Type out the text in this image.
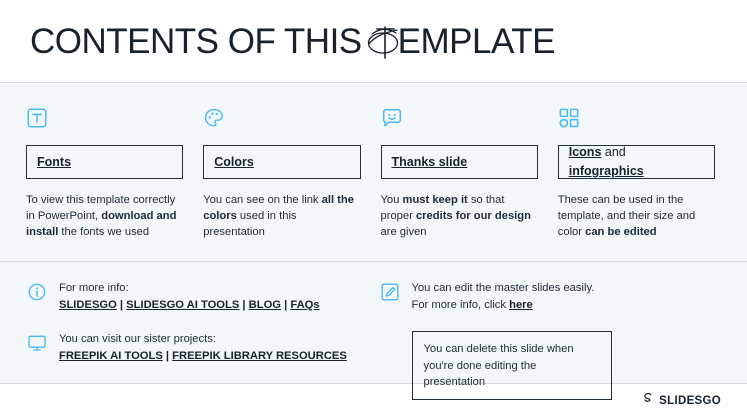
CONTENTS OF THIS EMPLATE
Fonts
To view this template correctly in PowerPoint, download and install the fonts we used
Colors
You can see on the link all the colors used in this presentation
Thanks slide
You must keep it so that proper credits for our design are given
Icons and
infographics
These can be used in the template, and their size and color can be edited
For more info:
SLIDESGO | SLIDESGO AI TOOLS | BLOG | FAQs
You can visit our sister projects:
FREEPIK AI TOOLS | FREEPIK LIBRARY RESOURCES
You can edit the master slides easily.
For more info, click here
You can delete this slide when you're done editing the presentation
SLIDESGO
